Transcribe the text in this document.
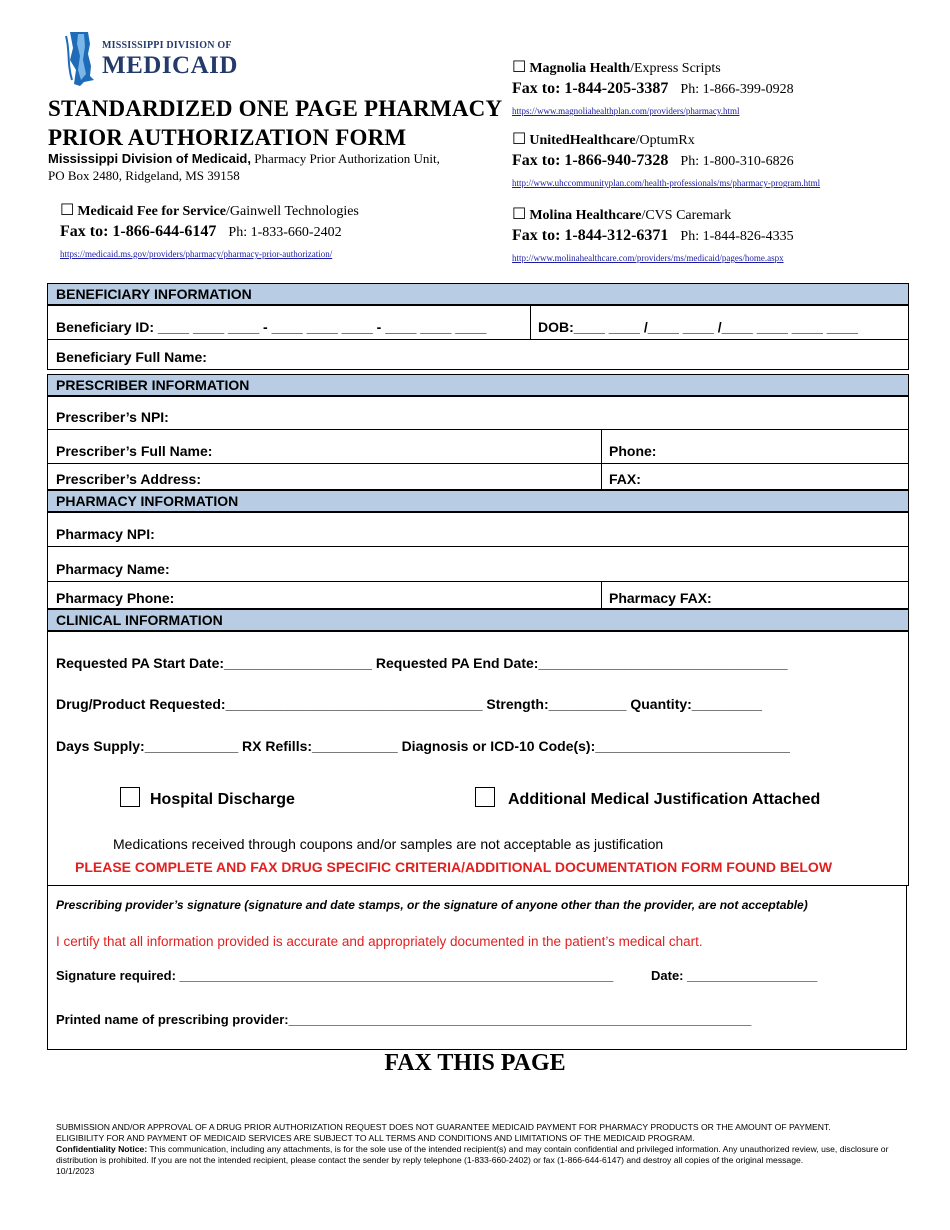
MISSISSIPPI DIVISION OF
MEDICAID
STANDARDIZED ONE PAGE PHARMACY
PRIOR AUTHORIZATION FORM
Mississippi Division of Medicaid, Pharmacy Prior Authorization Unit,
PO Box 2480, Ridgeland, MS 39158
☐ Medicaid Fee for Service/Gainwell Technologies
Fax to: 1-866-644-6147 Ph: 1-833-660-2402
https://medicaid.ms.gov/providers/pharmacy/pharmacy-prior-authorization/
☐ Magnolia Health/Express Scripts
Fax to: 1-844-205-3387 Ph: 1-866-399-0928
https://www.magnoliahealthplan.com/providers/pharmacy.html
☐ UnitedHealthcare/OptumRx
Fax to: 1-866-940-7328 Ph: 1-800-310-6826
http://www.uhccommunityplan.com/health-professionals/ms/pharmacy-program.html
☐ Molina Healthcare/CVS Caremark
Fax to: 1-844-312-6371 Ph: 1-844-826-4335
http://www.molinahealthcare.com/providers/ms/medicaid/pages/home.aspx
BENEFICIARY INFORMATION
Beneficiary ID: ____ ____ ____ - ____ ____ ____ - ____ ____ ____	DOB:____ ____ /____ ____ /____ ____ ____ ____
Beneficiary Full Name:
PRESCRIBER INFORMATION
Prescriber’s NPI:
Prescriber’s Full Name:	Phone:
Prescriber’s Address:	FAX:
PHARMACY INFORMATION
Pharmacy NPI:
Pharmacy Name:
Pharmacy Phone:	Pharmacy FAX:
CLINICAL INFORMATION
Requested PA Start Date:___________________ Requested PA End Date:________________________________
Drug/Product Requested:_________________________________ Strength:__________ Quantity:_________
Days Supply:____________ RX Refills:___________ Diagnosis or ICD-10 Code(s):_________________________
Hospital Discharge	Additional Medical Justification Attached
Medications received through coupons and/or samples are not acceptable as justification
PLEASE COMPLETE AND FAX DRUG SPECIFIC CRITERIA/ADDITIONAL DOCUMENTATION FORM FOUND BELOW
Prescribing provider’s signature (signature and date stamps, or the signature of anyone other than the provider, are not acceptable)
I certify that all information provided is accurate and appropriately documented in the patient’s medical chart.
Signature required: ____________________________________________________________	Date: __________________
Printed name of prescribing provider:________________________________________________________________
FAX THIS PAGE
SUBMISSION AND/OR APPROVAL OF A DRUG PRIOR AUTHORIZATION REQUEST DOES NOT GUARANTEE MEDICAID PAYMENT FOR PHARMACY PRODUCTS OR THE AMOUNT OF PAYMENT.
ELIGIBILITY FOR AND PAYMENT OF MEDICAID SERVICES ARE SUBJECT TO ALL TERMS AND CONDITIONS AND LIMITATIONS OF THE MEDICAID PROGRAM.
Confidentiality Notice: This communication, including any attachments, is for the sole use of the intended recipient(s) and may contain confidential and privileged information. Any unauthorized review, use, disclosure or distribution is prohibited. If you are not the intended recipient, please contact the sender by reply telephone (1-833-660-2402) or fax (1-866-644-6147) and destroy all copies of the original message.
10/1/2023
